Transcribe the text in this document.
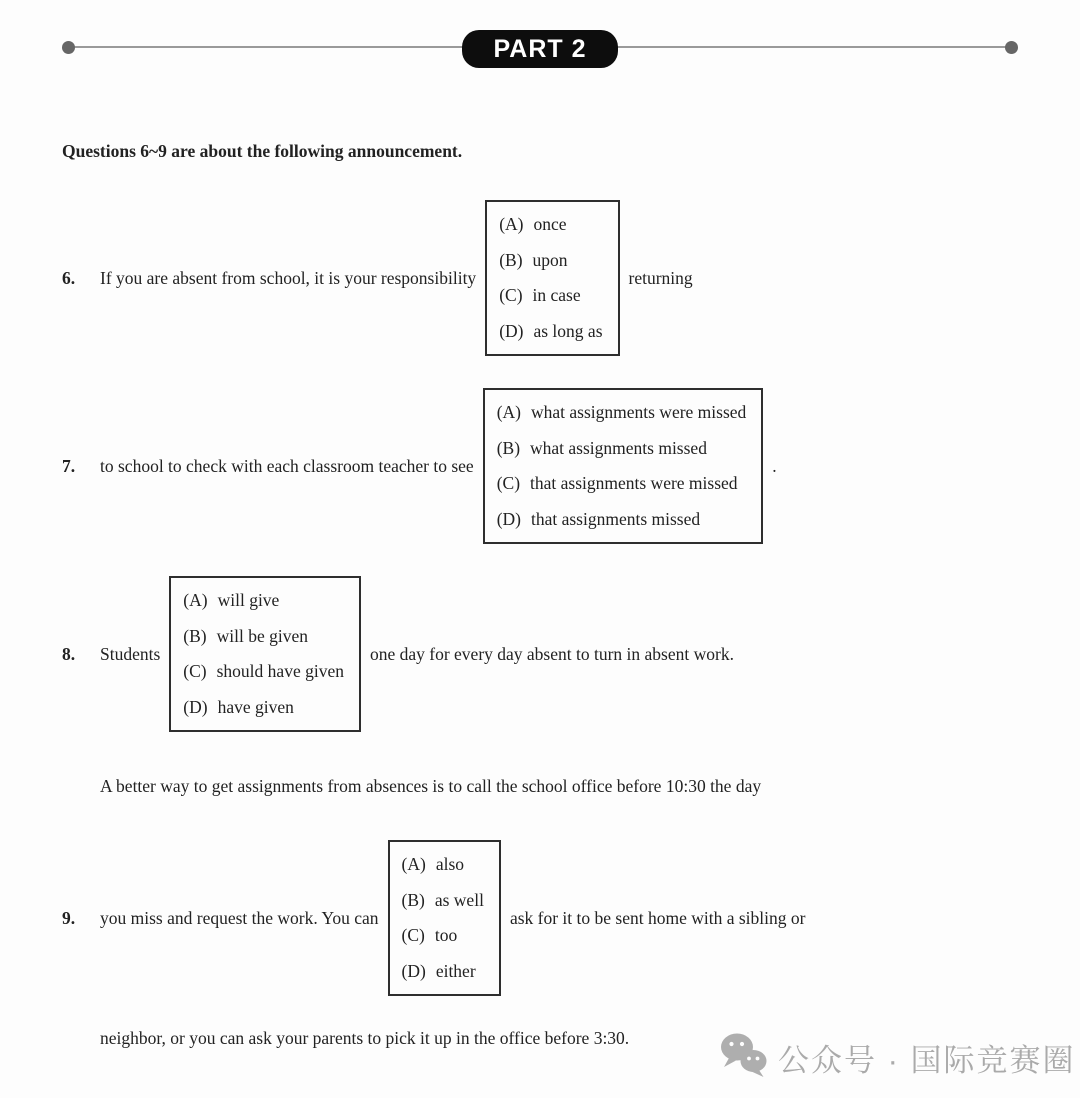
PART 2
Questions 6~9 are about the following announcement.
6.	If you are absent from school, it is your responsibility
(A) once
(B) upon
(C) in case
(D) as long as
returning
7.	to school to check with each classroom teacher to see
(A) what assignments were missed
(B) what assignments missed
(C) that assignments were missed
(D) that assignments missed
.
8.	Students
(A) will give
(B) will be given
(C) should have given
(D) have given
one day for every day absent to turn in absent work.
A better way to get assignments from absences is to call the school office before 10:30 the day
9.	you miss and request the work. You can
(A) also
(B) as well
(C) too
(D) either
ask for it to be sent home with a sibling or
neighbor, or you can ask your parents to pick it up in the office before 3:30.
公众号 · 国际竞赛圈
